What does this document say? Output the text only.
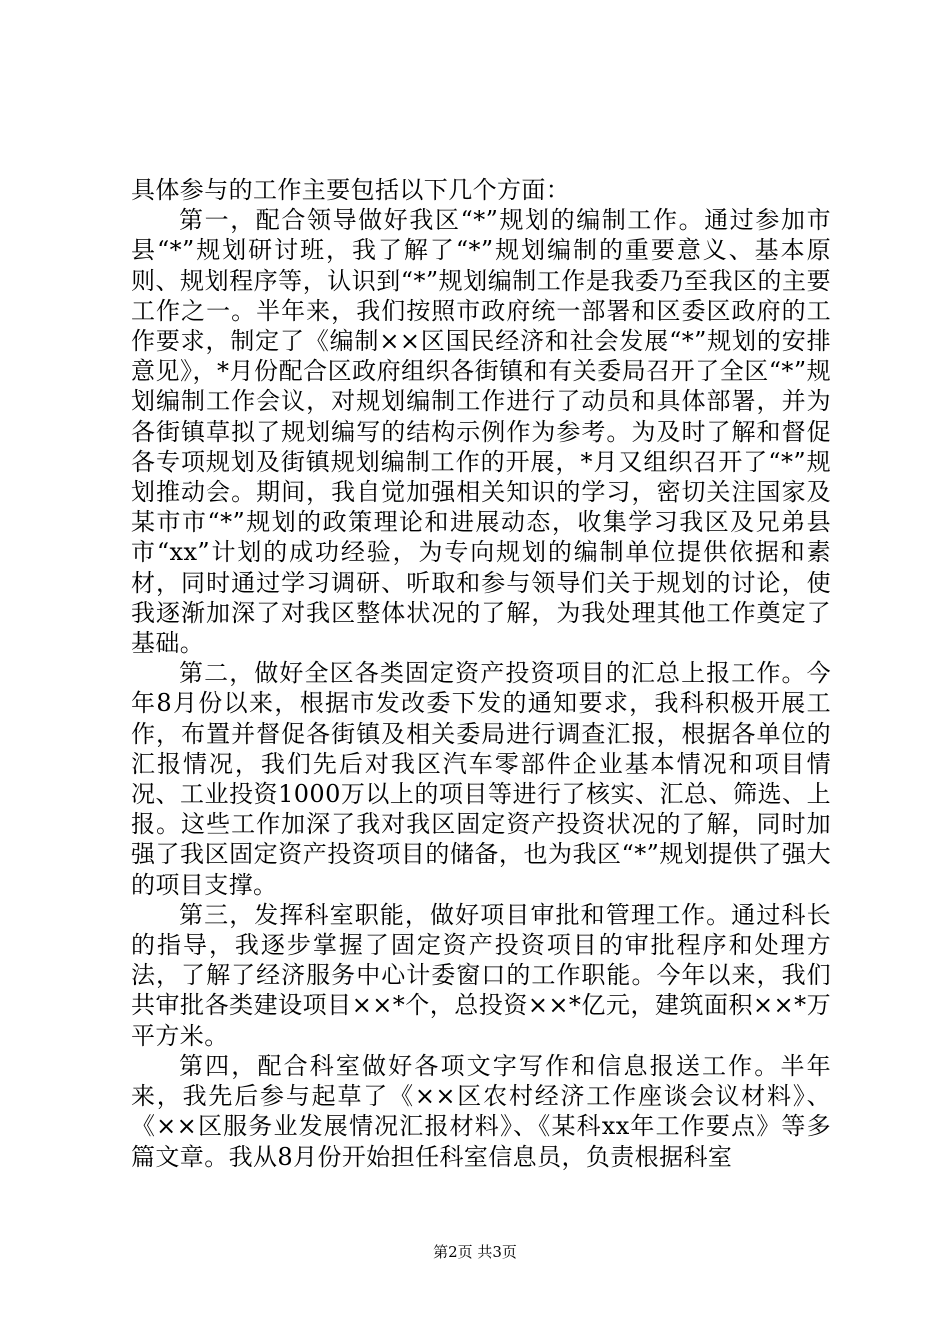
具体参与的工作主要包括以下几个方面：

第一，配合领导做好我区“*”规划的编制工作。通过参加市县“*”规划研讨班，我了解了“*”规划编制的重要意义、基本原则、规划程序等，认识到“*”规划编制工作是我委乃至我区的主要工作之一。半年来，我们按照市政府统一部署和区委区政府的工作要求，制定了《编制××区国民经济和社会发展“*”规划的安排意见》，*月份配合区政府组织各街镇和有关委局召开了全区“*”规划编制工作会议，对规划编制工作进行了动员和具体部署，并为各街镇草拟了规划编写的结构示例作为参考。为及时了解和督促各专项规划及街镇规划编制工作的开展，*月又组织召开了“*”规划推动会。期间，我自觉加强相关知识的学习，密切关注国家及某市市“*”规划的政策理论和进展动态，收集学习我区及兄弟县市“xx”计划的成功经验，为专向规划的编制单位提供依据和素材，同时通过学习调研、听取和参与领导们关于规划的讨论，使我逐渐加深了对我区整体状况的了解，为我处理其他工作奠定了基础。

第二，做好全区各类固定资产投资项目的汇总上报工作。今年8月份以来，根据市发改委下发的通知要求，我科积极开展工作，布置并督促各街镇及相关委局进行调查汇报，根据各单位的汇报情况，我们先后对我区汽车零部件企业基本情况和项目情况、工业投资1000万以上的项目等进行了核实、汇总、筛选、上报。这些工作加深了我对我区固定资产投资状况的了解，同时加强了我区固定资产投资项目的储备，也为我区“*”规划提供了强大的项目支撑。

第三，发挥科室职能，做好项目审批和管理工作。通过科长的指导，我逐步掌握了固定资产投资项目的审批程序和处理方法，了解了经济服务中心计委窗口的工作职能。今年以来，我们共审批各类建设项目××*个，总投资××*亿元，建筑面积××*万平方米。

第四，配合科室做好各项文字写作和信息报送工作。半年来，我先后参与起草了《××区农村经济工作座谈会议材料》、《××区服务业发展情况汇报材料》、《某科xx年工作要点》等多篇文章。我从8月份开始担任科室信息员，负责根据科室

第2页 共3页
